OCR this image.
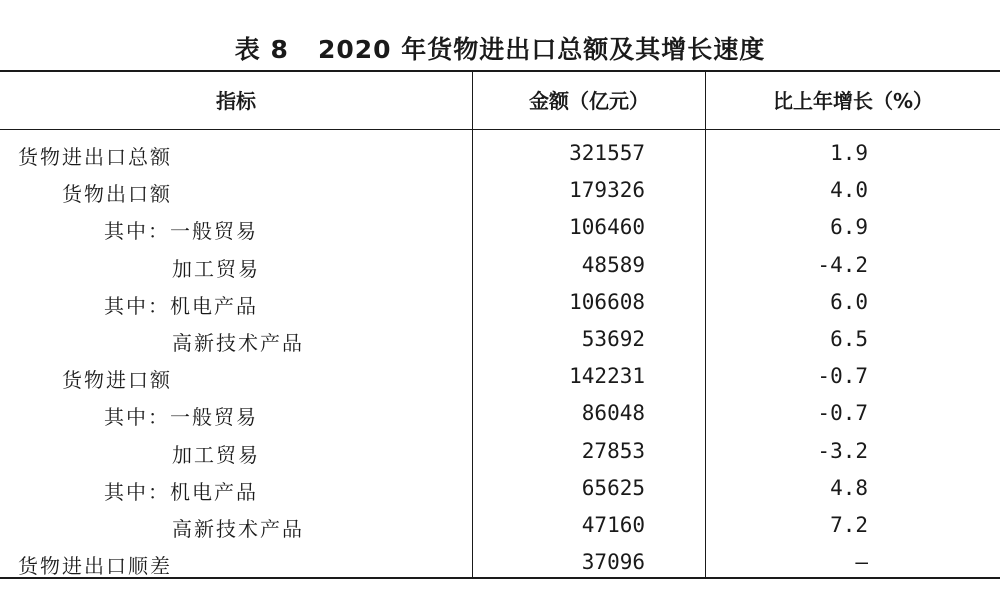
表 8   2020 年货物进出口总额及其增长速度
指标	金额（亿元）	比上年增长（%）
货物进出口总额	321557	1.9
货物出口额	179326	4.0
其中：一般贸易	106460	6.9
加工贸易	48589	-4.2
其中：机电产品	106608	6.0
高新技术产品	53692	6.5
货物进口额	142231	-0.7
其中：一般贸易	86048	-0.7
加工贸易	27853	-3.2
其中：机电产品	65625	4.8
高新技术产品	47160	7.2
货物进出口顺差	37096	—
